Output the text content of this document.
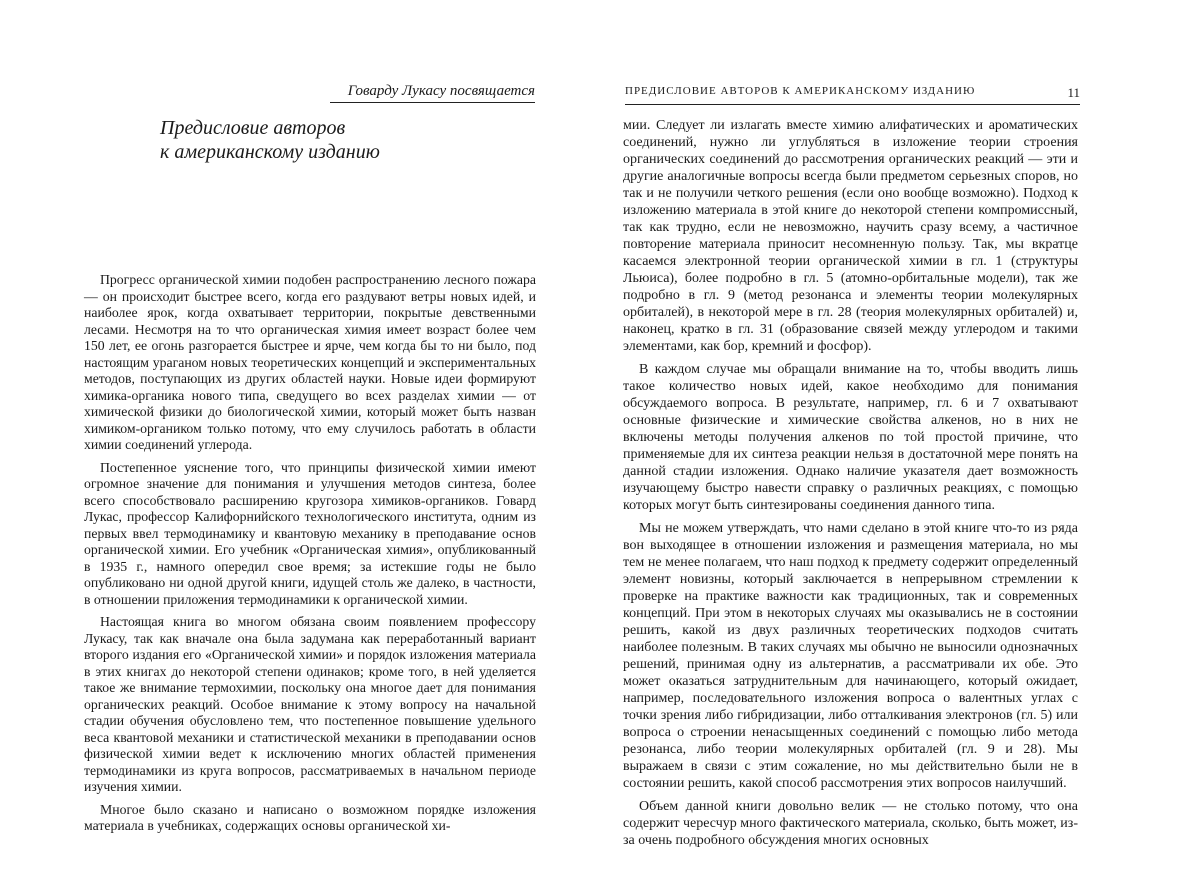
Говарду Лукасу посвящается
Предисловие авторов
к американскому изданию

Прогресс органической химии подобен распространению лесного пожара — он происходит быстрее всего, когда его раздувают ветры новых идей, и наиболее ярок, когда охватывает территории, покрытые девственными лесами. Несмотря на то что органическая химия имеет возраст более чем 150 лет, ее огонь разгорается быстрее и ярче, чем когда бы то ни было, под настоящим ураганом новых теоретических концепций и экспериментальных методов, поступающих из других областей науки. Новые идеи формируют химика-органика нового типа, сведущего во всех разделах химии — от химической физики до биологической химии, который может быть назван химиком-органиком только потому, что ему случилось работать в области химии соединений углерода.

Постепенное уяснение того, что принципы физической химии имеют огромное значение для понимания и улучшения методов синтеза, более всего способствовало расширению кругозора химиков-органиков. Говард Лукас, профессор Калифорнийского технологического института, одним из первых ввел термодинамику и квантовую механику в преподавание основ органической химии. Его учебник «Органическая химия», опубликованный в 1935 г., намного опередил свое время; за истекшие годы не было опубликовано ни одной другой книги, идущей столь же далеко, в частности, в отношении приложения термодинамики к органической химии.

Настоящая книга во многом обязана своим появлением профессору Лукасу, так как вначале она была задумана как переработанный вариант второго издания его «Органической химии» и порядок изложения материала в этих книгах до некоторой степени одинаков; кроме того, в ней уделяется такое же внимание термохимии, поскольку она многое дает для понимания органических реакций. Особое внимание к этому вопросу на начальной стадии обучения обусловлено тем, что постепенное повышение удельного веса квантовой механики и статистической механики в преподавании основ физической химии ведет к исключению многих областей применения термодинамики из круга вопросов, рассматриваемых в начальном периоде изучения химии.

Многое было сказано и написано о возможном порядке изложения материала в учебниках, содержащих основы органической хи-

ПРЕДИСЛОВИЕ АВТОРОВ К АМЕРИКАНСКОМУ ИЗДАНИЮ	11

мии. Следует ли излагать вместе химию алифатических и ароматических соединений, нужно ли углубляться в изложение теории строения органических соединений до рассмотрения органических реакций — эти и другие аналогичные вопросы всегда были предметом серьезных споров, но так и не получили четкого решения (если оно вообще возможно). Подход к изложению материала в этой книге до некоторой степени компромиссный, так как трудно, если не невозможно, научить сразу всему, а частичное повторение материала приносит несомненную пользу. Так, мы вкратце касаемся электронной теории органической химии в гл. 1 (структуры Льюиса), более подробно в гл. 5 (атомно-орбитальные модели), так же подробно в гл. 9 (метод резонанса и элементы теории молекулярных орбиталей), в некоторой мере в гл. 28 (теория молекулярных орбиталей) и, наконец, кратко в гл. 31 (образование связей между углеродом и такими элементами, как бор, кремний и фосфор).

В каждом случае мы обращали внимание на то, чтобы вводить лишь такое количество новых идей, какое необходимо для понимания обсуждаемого вопроса. В результате, например, гл. 6 и 7 охватывают основные физические и химические свойства алкенов, но в них не включены методы получения алкенов по той простой причине, что применяемые для их синтеза реакции нельзя в достаточной мере понять на данной стадии изложения. Однако наличие указателя дает возможность изучающему быстро навести справку о различных реакциях, с помощью которых могут быть синтезированы соединения данного типа.

Мы не можем утверждать, что нами сделано в этой книге что-то из ряда вон выходящее в отношении изложения и размещения материала, но мы тем не менее полагаем, что наш подход к предмету содержит определенный элемент новизны, который заключается в непрерывном стремлении к проверке на практике важности как традиционных, так и современных концепций. При этом в некоторых случаях мы оказывались не в состоянии решить, какой из двух различных теоретических подходов считать наиболее полезным. В таких случаях мы обычно не выносили однозначных решений, принимая одну из альтернатив, а рассматривали их обе. Это может оказаться затруднительным для начинающего, который ожидает, например, последовательного изложения вопроса о валентных углах с точки зрения либо гибридизации, либо отталкивания электронов (гл. 5) или вопроса о строении ненасыщенных соединений с помощью либо метода резонанса, либо теории молекулярных орбиталей (гл. 9 и 28). Мы выражаем в связи с этим сожаление, но мы действительно были не в состоянии решить, какой способ рассмотрения этих вопросов наилучший.

Объем данной книги довольно велик — не столько потому, что она содержит чересчур много фактического материала, сколько, быть может, из-за очень подробного обсуждения многих основных
